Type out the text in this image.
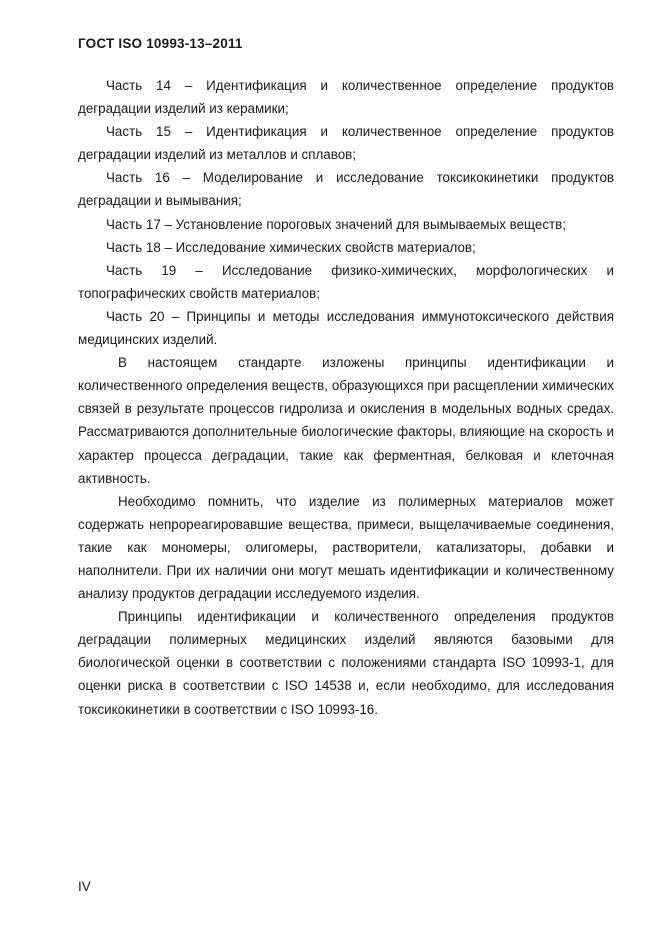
ГОСТ ISO 10993-13–2011

Часть 14 – Идентификация и количественное определение продуктов деградации изделий из керамики;

Часть 15 – Идентификация и количественное определение продуктов деградации изделий из металлов и сплавов;

Часть 16 – Моделирование и исследование токсикокинетики продуктов деградации и вымывания;

Часть 17 – Установление пороговых значений для вымываемых веществ;

Часть 18 – Исследование химических свойств материалов;

Часть 19 – Исследование физико-химических, морфологических и топографических свойств материалов;

Часть 20 – Принципы и методы исследования иммунотоксического действия медицинских изделий.

В настоящем стандарте изложены принципы идентификации и количественного определения веществ, образующихся при расщеплении химических связей в результате процессов гидролиза и окисления в модельных водных средах. Рассматриваются дополнительные биологические факторы, влияющие на скорость и характер процесса деградации, такие как ферментная, белковая и клеточная активность.

Необходимо помнить, что изделие из полимерных материалов может содержать непрореагировавшие вещества, примеси, выщелачиваемые соединения, такие как мономеры, олигомеры, растворители, катализаторы, добавки и наполнители. При их наличии они могут мешать идентификации и количественному анализу продуктов деградации исследуемого изделия.

Принципы идентификации и количественного определения продуктов деградации полимерных медицинских изделий являются базовыми для биологической оценки в соответствии с положениями стандарта ISO 10993-1, для оценки риска в соответствии с ISO 14538 и, если необходимо, для исследования токсикокинетики в соответствии с ISO 10993-16.

IV
